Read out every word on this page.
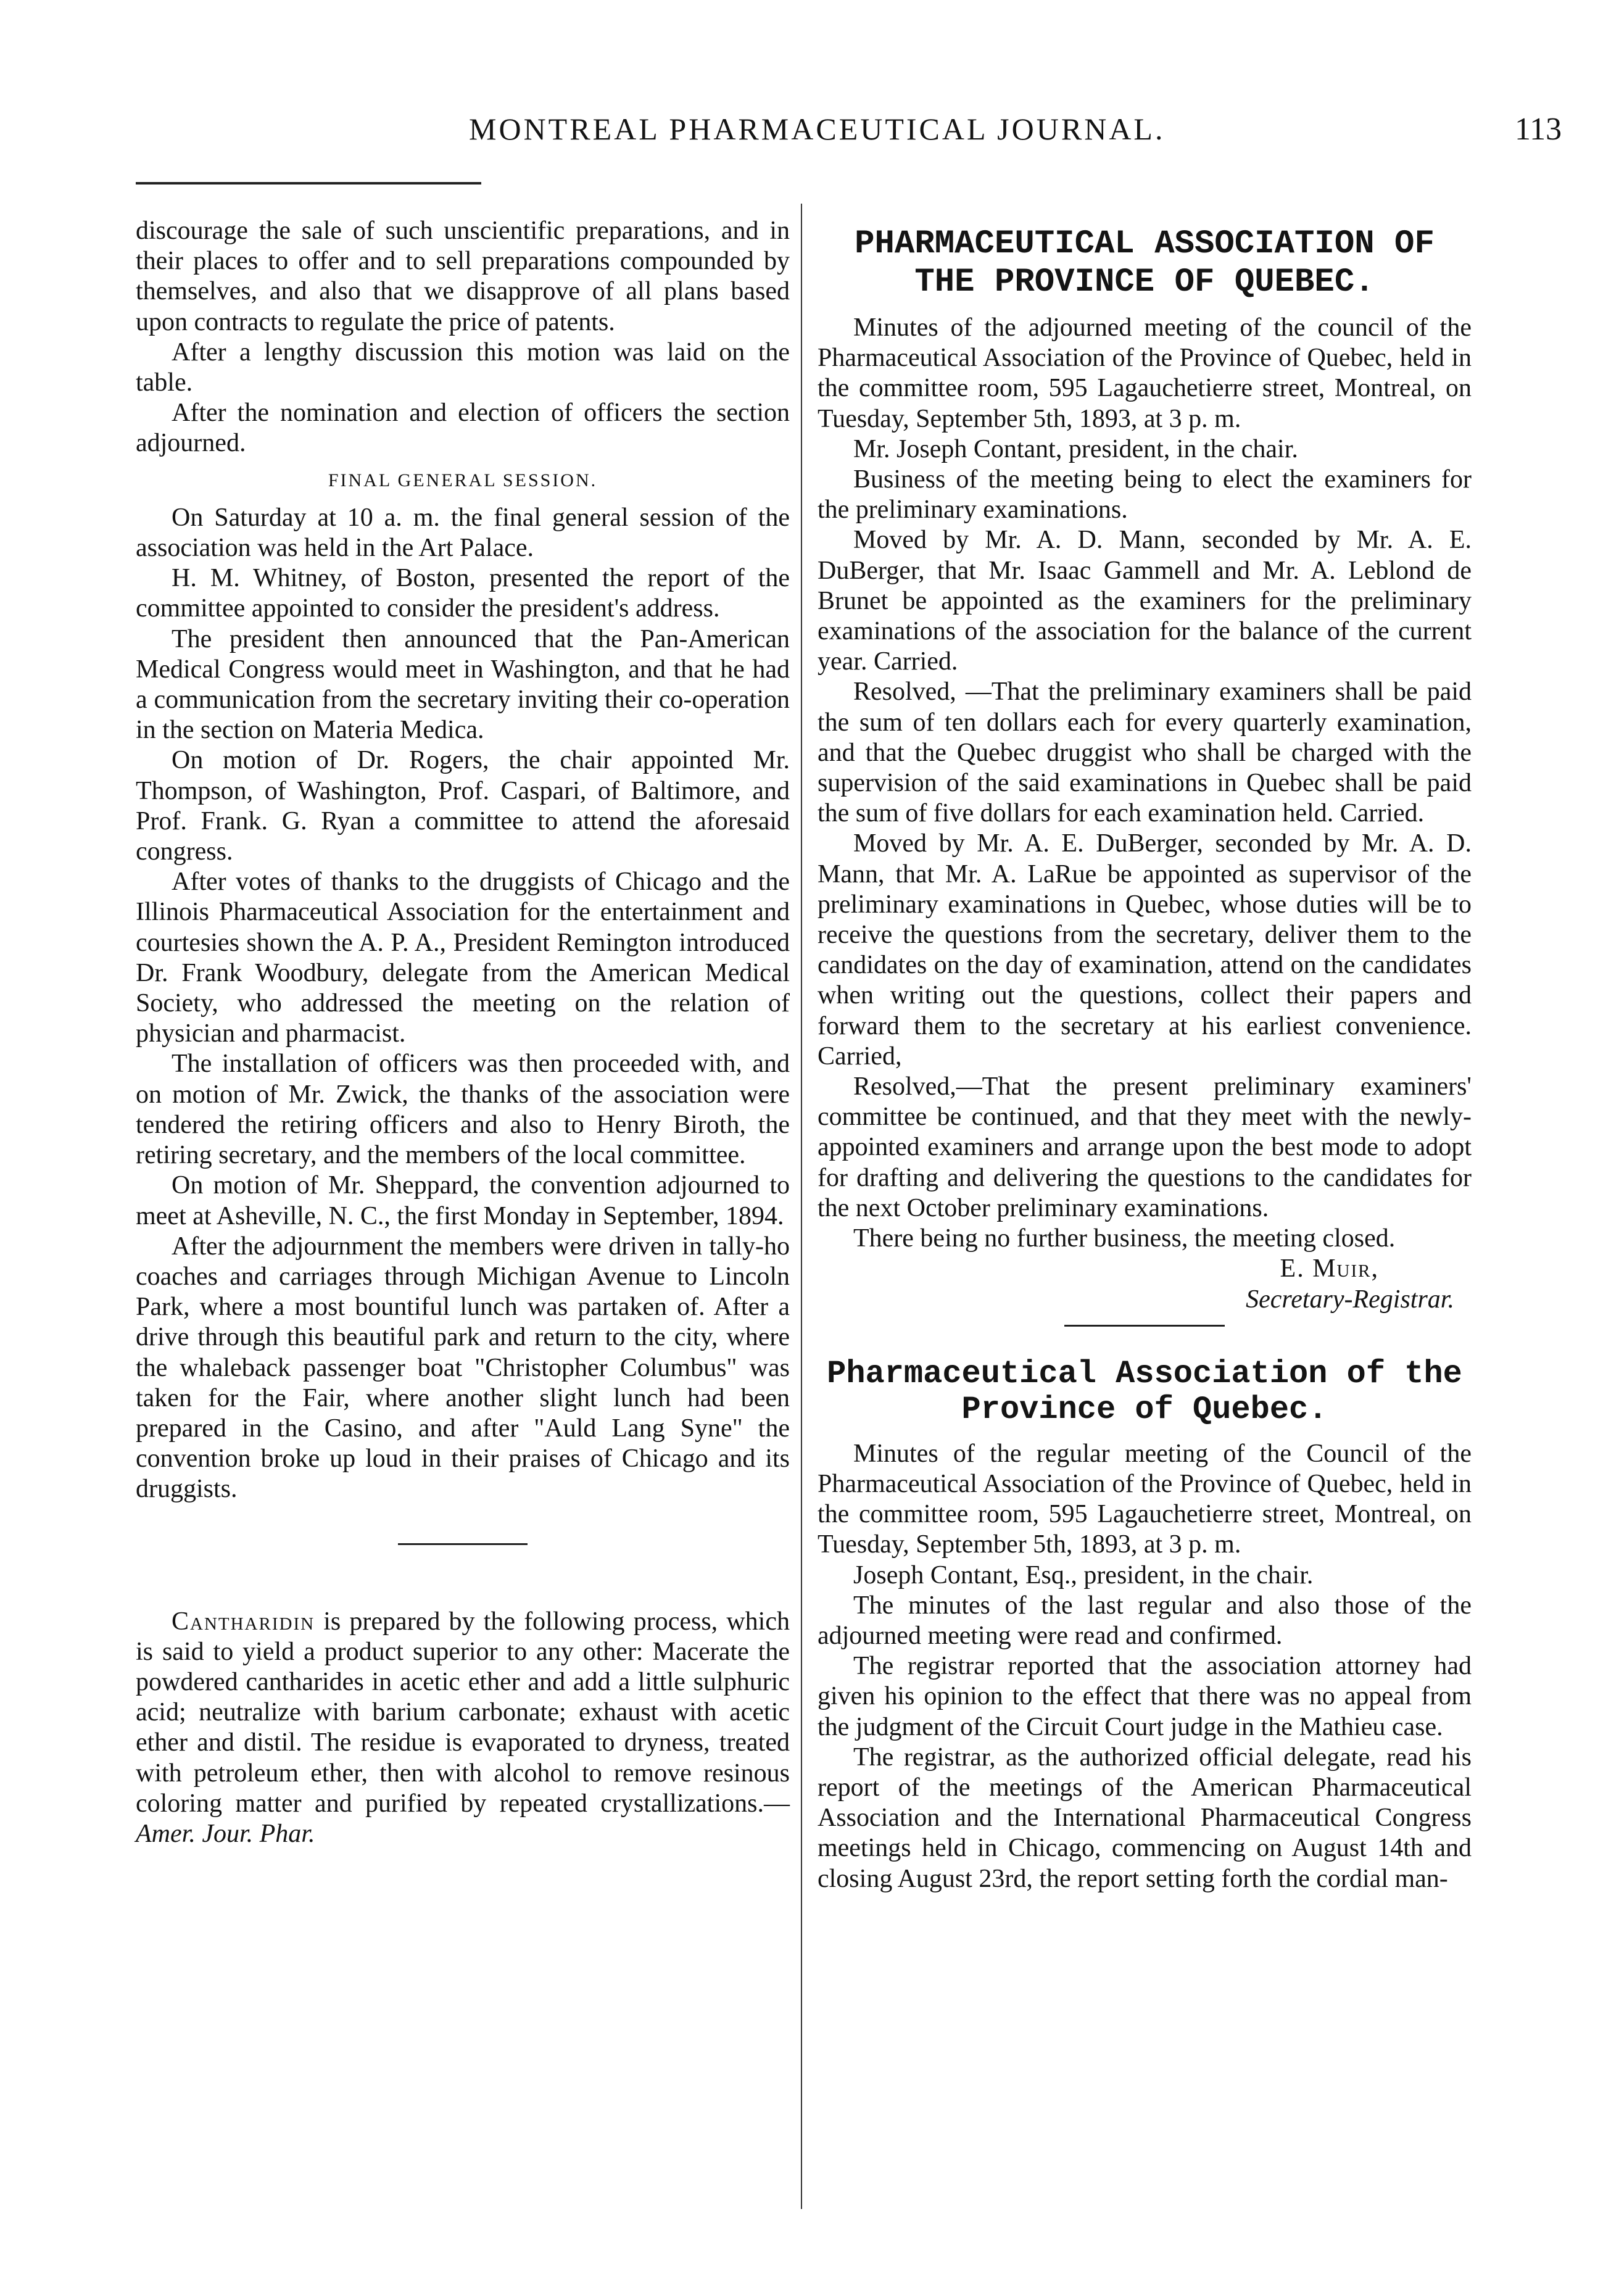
MONTREAL PHARMACEUTICAL JOURNAL.	113

discourage the sale of such unscientific preparations, and in their places to offer and to sell preparations compounded by themselves, and also that we disapprove of all plans based upon contracts to regulate the price of patents.

After a lengthy discussion this motion was laid on the table.

After the nomination and election of officers the section adjourned.

FINAL GENERAL SESSION.

On Saturday at 10 a. m. the final general session of the association was held in the Art Palace.

H. M. Whitney, of Boston, presented the report of the committee appointed to consider the president's address.

The president then announced that the Pan-American Medical Congress would meet in Washington, and that he had a communication from the secretary inviting their co-operation in the section on Materia Medica.

On motion of Dr. Rogers, the chair appointed Mr. Thompson, of Washington, Prof. Caspari, of Baltimore, and Prof. Frank. G. Ryan a committee to attend the aforesaid congress.

After votes of thanks to the druggists of Chicago and the Illinois Pharmaceutical Association for the entertainment and courtesies shown the A. P. A., President Remington introduced Dr. Frank Woodbury, delegate from the American Medical Society, who addressed the meeting on the relation of physician and pharmacist.

The installation of officers was then proceeded with, and on motion of Mr. Zwick, the thanks of the association were tendered the retiring officers and also to Henry Biroth, the retiring secretary, and the members of the local committee.

On motion of Mr. Sheppard, the convention adjourned to meet at Asheville, N. C., the first Monday in September, 1894.

After the adjournment the members were driven in tally-ho coaches and carriages through Michigan Avenue to Lincoln Park, where a most bountiful lunch was partaken of. After a drive through this beautiful park and return to the city, where the whaleback passenger boat "Christopher Columbus" was taken for the Fair, where another slight lunch had been prepared in the Casino, and after "Auld Lang Syne" the convention broke up loud in their praises of Chicago and its druggists.

Cantharidin is prepared by the following process, which is said to yield a product superior to any other: Macerate the powdered cantharides in acetic ether and add a little sulphuric acid; neutralize with barium carbonate; exhaust with acetic ether and distil. The residue is evaporated to dryness, treated with petroleum ether, then with alcohol to remove resinous coloring matter and purified by repeated crystallizations.—Amer. Jour. Phar.

PHARMACEUTICAL ASSOCIATION OF THE PROVINCE OF QUEBEC.

Minutes of the adjourned meeting of the council of the Pharmaceutical Association of the Province of Quebec, held in the committee room, 595 Lagauchetierre street, Montreal, on Tuesday, September 5th, 1893, at 3 p. m.

Mr. Joseph Contant, president, in the chair.

Business of the meeting being to elect the examiners for the preliminary examinations.

Moved by Mr. A. D. Mann, seconded by Mr. A. E. DuBerger, that Mr. Isaac Gammell and Mr. A. Leblond de Brunet be appointed as the examiners for the preliminary examinations of the association for the balance of the current year. Carried.

Resolved, —That the preliminary examiners shall be paid the sum of ten dollars each for every quarterly examination, and that the Quebec druggist who shall be charged with the supervision of the said examinations in Quebec shall be paid the sum of five dollars for each examination held. Carried.

Moved by Mr. A. E. DuBerger, seconded by Mr. A. D. Mann, that Mr. A. LaRue be appointed as supervisor of the preliminary examinations in Quebec, whose duties will be to receive the questions from the secretary, deliver them to the candidates on the day of examination, attend on the candidates when writing out the questions, collect their papers and forward them to the secretary at his earliest convenience. Carried,

Resolved,—That the present preliminary examiners' committee be continued, and that they meet with the newly-appointed examiners and arrange upon the best mode to adopt for drafting and delivering the questions to the candidates for the next October preliminary examinations.

There being no further business, the meeting closed.

E. Muir,

Secretary-Registrar.

Pharmaceutical Association of the Province of Quebec.

Minutes of the regular meeting of the Council of the Pharmaceutical Association of the Province of Quebec, held in the committee room, 595 Lagauchetierre street, Montreal, on Tuesday, September 5th, 1893, at 3 p. m.

Joseph Contant, Esq., president, in the chair.

The minutes of the last regular and also those of the adjourned meeting were read and confirmed.

The registrar reported that the association attorney had given his opinion to the effect that there was no appeal from the judgment of the Circuit Court judge in the Mathieu case.

The registrar, as the authorized official delegate, read his report of the meetings of the American Pharmaceutical Association and the International Pharmaceutical Congress meetings held in Chicago, commencing on August 14th and closing August 23rd, the report setting forth the cordial man-
